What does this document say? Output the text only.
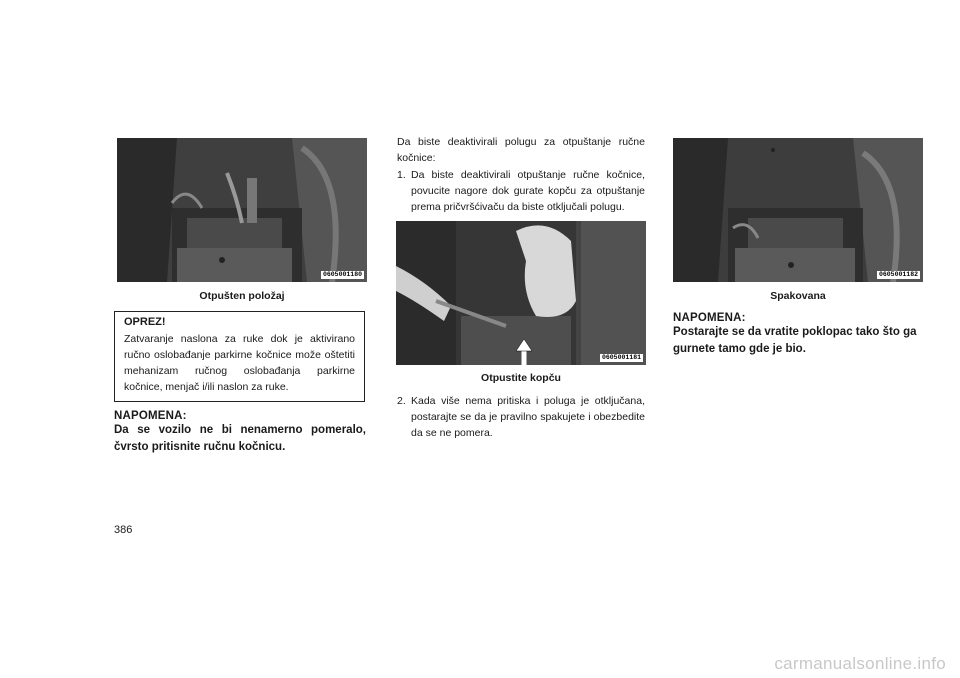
0605001180
Otpušten položaj
OPREZ!
Zatvaranje naslona za ruke dok je aktivirano ručno oslobađanje parkirne kočnice može oštetiti mehanizam ručnog oslobađanja parkirne kočnice, menjač i/ili naslon za ruke.
NAPOMENA:
Da se vozilo ne bi nenamerno pomeralo, čvrsto pritisnite ručnu kočnicu.
Da biste deaktivirali polugu za otpuštanje ručne kočnice:
1. Da biste deaktivirali otpuštanje ručne kočnice, povucite nagore dok gurate kopču za otpuštanje prema pričvršćivaču da biste otključali polugu.
0605001181
Otpustite kopču
2. Kada više nema pritiska i poluga je otključana, postarajte se da je pravilno spakujete i obezbedite da se ne pomera.
0605001182
Spakovana
NAPOMENA:
Postarajte se da vratite poklopac tako što ga gurnete tamo gde je bio.
386
carmanualsonline.info
